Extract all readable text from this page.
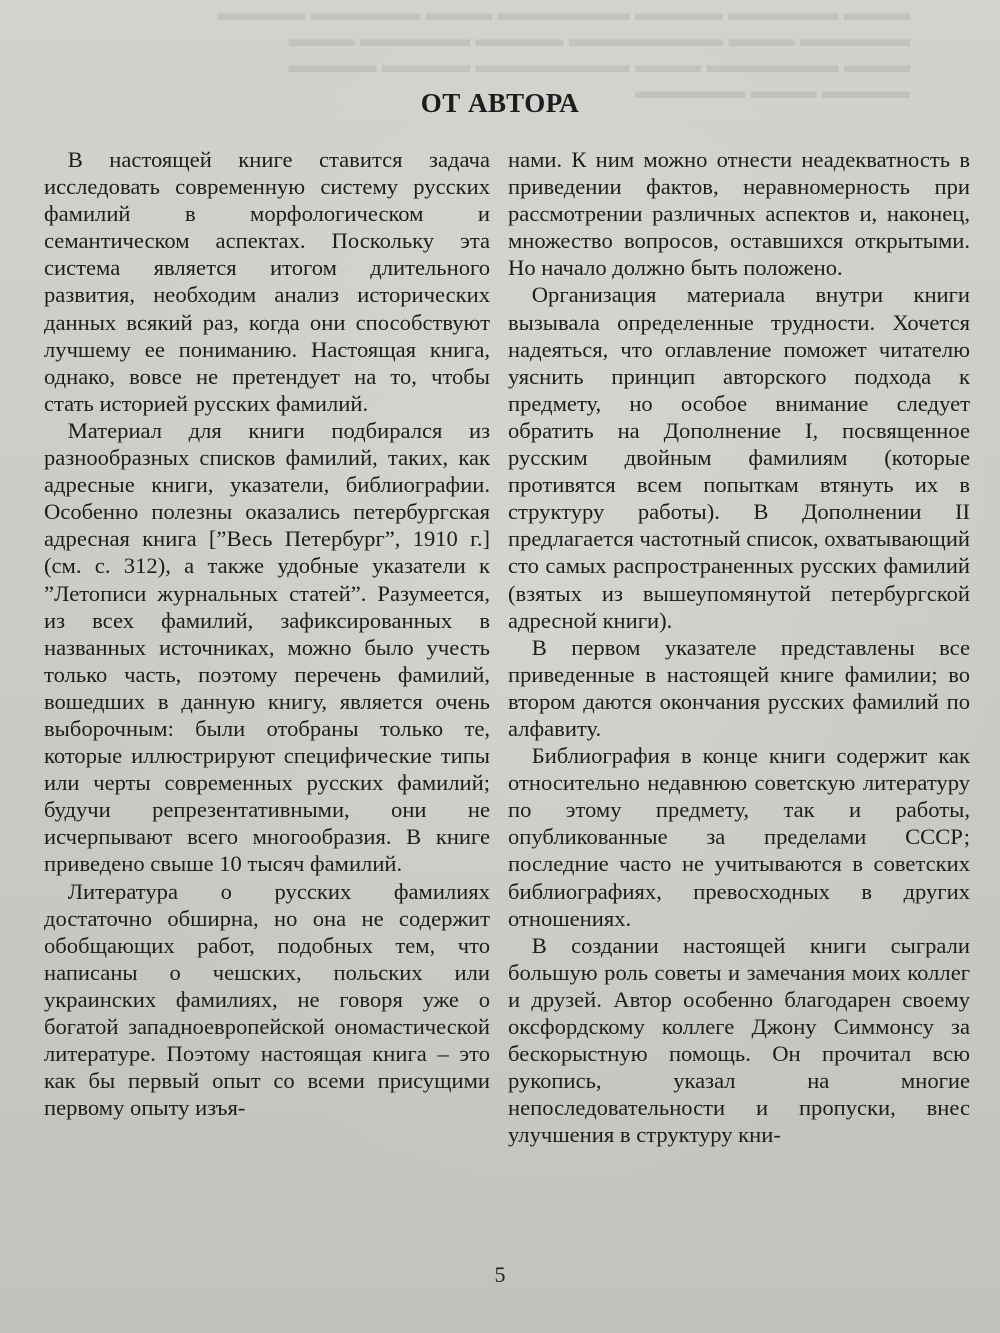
▬▬▬ ▬▬▬▬▬ ▬▬▬▬ ▬▬▬▬▬▬ ▬▬▬ ▬▬▬▬▬ ▬▬▬▬
▬▬▬▬▬ ▬▬▬ ▬▬▬▬▬▬▬ ▬▬▬▬ ▬▬▬▬▬ ▬▬▬
▬▬▬ ▬▬▬▬▬▬ ▬▬▬ ▬▬▬▬▬▬▬ ▬▬▬▬ ▬▬▬▬
▬▬▬▬ ▬▬▬ ▬▬▬▬▬
ОТ АВТОРА

В настоящей книге ставится задача исследовать современную систему русских фамилий в морфологическом и семантическом аспектах. Поскольку эта система является итогом длительного развития, необходим анализ исторических данных всякий раз, когда они способствуют лучшему ее пониманию. Настоящая книга, однако, вовсе не претендует на то, чтобы стать историей русских фамилий.

Материал для книги подбирался из разнообразных списков фамилий, таких, как адресные книги, указатели, библиографии. Особенно полезны оказались петербургская адресная книга [”Весь Петербург”, 1910 г.] (см. с. 312), а также удобные указатели к ”Летописи журнальных статей”. Разумеется, из всех фамилий, зафиксированных в названных источниках, можно было учесть только часть, поэтому перечень фамилий, вошедших в данную книгу, является очень выборочным: были отобраны только те, которые иллюстрируют специфические типы или черты современных русских фамилий; будучи репрезентативными, они не исчерпывают всего многообразия. В книге приведено свыше 10 тысяч фамилий.

Литература о русских фамилиях достаточно обширна, но она не содержит обобщающих работ, подобных тем, что написаны о чешских, польских или украинских фамилиях, не говоря уже о богатой западноевропейской ономастической литературе. Поэтому настоящая книга – это как бы первый опыт со всеми присущими первому опыту изъя-

нами. К ним можно отнести неадекватность в приведении фактов, неравномерность при рассмотрении различных аспектов и, наконец, множество вопросов, оставшихся открытыми. Но начало должно быть положено.

Организация материала внутри книги вызывала определенные трудности. Хочется надеяться, что оглавление поможет читателю уяснить принцип авторского подхода к предмету, но особое внимание следует обратить на Дополнение I, посвященное русским двойным фамилиям (которые противятся всем попыткам втянуть их в структуру работы). В Дополнении II предлагается частотный список, охватывающий сто самых распространенных русских фамилий (взятых из вышеупомянутой петербургской адресной книги).

В первом указателе представлены все приведенные в настоящей книге фамилии; во втором даются окончания русских фамилий по алфавиту.

Библиография в конце книги содержит как относительно недавнюю советскую литературу по этому предмету, так и работы, опубликованные за пределами СССР; последние часто не учитываются в советских библиографиях, превосходных в других отношениях.

В создании настоящей книги сыграли большую роль советы и замечания моих коллег и друзей. Автор особенно благодарен своему оксфордскому коллеге Джону Симмонсу за бескорыстную помощь. Он прочитал всю рукопись, указал на многие непоследовательности и пропуски, внес улучшения в структуру кни-

5
